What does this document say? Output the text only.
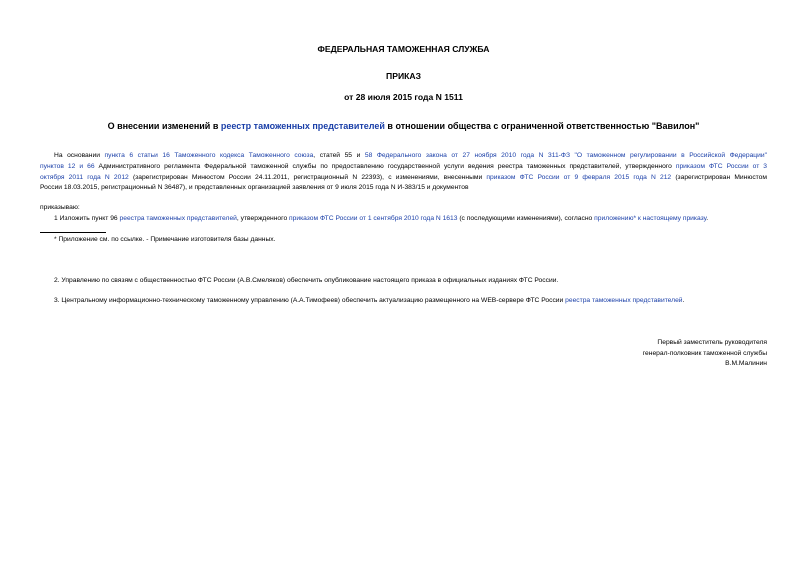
ФЕДЕРАЛЬНАЯ ТАМОЖЕННАЯ СЛУЖБА
ПРИКАЗ
от 28 июля 2015 года N 1511
О внесении изменений в реестр таможенных представителей в отношении общества с ограниченной ответственностью "Вавилон"
На основании пункта 6 статьи 16 Таможенного кодекса Таможенного союза, статей 55 и 58 Федерального закона от 27 ноября 2010 года N 311-ФЗ "О таможенном регулировании в Российской Федерации"
пунктов 12 и 66 Административного регламента Федеральной таможенной службы по предоставлению государственной услуги ведения реестра таможенных представителей, утвержденного приказом ФТС России от 3
октября 2011 года N 2012 (зарегистрирован Минюстом России 24.11.2011, регистрационный N 22393), с изменениями, внесенными приказом ФТС России от 9 февраля 2015 года N 212 (зарегистрирован Минюстом
России 18.03.2015, регистрационный N 36487), и представленных организацией заявления от 9 июля 2015 года N И-383/15 и документов
приказываю:
1 Изложить пункт 96 реестра таможенных представителей, утвержденного приказом ФТС России от 1 сентября 2010 года N 1613 (с последующими изменениями), согласно приложению* к настоящему приказу.
* Приложение см. по ссылке. - Примечание изготовителя базы данных.
2. Управлению по связям с общественностью ФТС России (А.В.Смеляков) обеспечить опубликование настоящего приказа в официальных изданиях ФТС России.
3. Центральному информационно-техническому таможенному управлению (А.А.Тимофеев) обеспечить актуализацию размещенного на WEB-сервере ФТС России реестра таможенных представителей.
Первый заместитель руководителя
генерал-полковник таможенной службы
В.М.Малинин
